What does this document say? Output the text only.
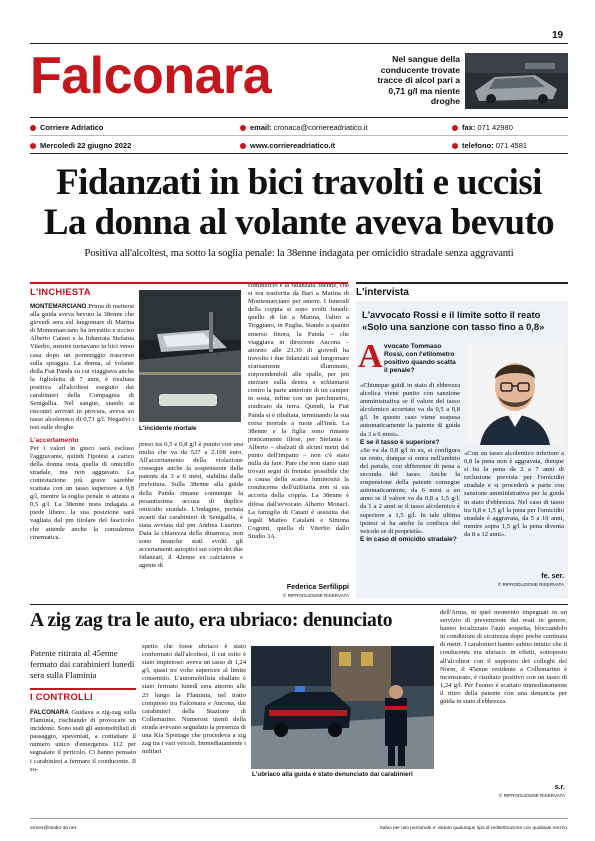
19
Falconara	Nel sangue della conducente trovate tracce di alcol pari a 0,71 g/l ma niente droghe
Corriere Adriatico	email: cronaca@corriereadriatico.it	fax: 071 42980
Mercoledì 22 giugno 2022	www.corriereadriatico.it	telefono: 071 4581
Fidanzati in bici travolti e uccisi
La donna al volante aveva bevuto
Positiva all'alcoltest, ma sotto la soglia penale: la 38enne indagata per omicidio stradale senza aggravanti
L'INCHIESTA
MONTEMARCIANO Prima di mettersi alla guida aveva bevuto la 38enne che giovedì sera sul lungomare di Marina di Montemarciano ha investito e ucciso Alberto Catani e la fidanzata Stefania Viterbo, mentre tornavano in bici verso casa dopo un pomeriggio trascorso sulla spiaggia. La donna, al volante della Fiat Panda su cui viaggiava anche la figlioletta di 7 anni, è risultata positiva all'alcoltest eseguito dai carabinieri della Compagnia di Senigallia. Nel sangue, stando ai riscontri arrivati in procura, aveva un tasso alcolemico di 0,71 g/l. Negativi i test sulle droghe.
L'accertamento
Per i valori in gioco sarà escluso l'aggravante, quindi l'ipotesi a carico della donna resta quella di omicidio stradale, ma non aggravato. La contestazione più grave sarebbe scattata con un tasso superiore a 0,8 g/l, mentre la soglia penale si attesta a 0,5 g/l. La 38enne resta indagata a piede libero: la sua posizione sarà vagliata dal pm titolare del fascicolo che attende anche la consulenza cinematica.
L'incidente mortale
preso tra 0,5 e 0,8 g/l è punito con una multa che va da 527 a 2.108 euro. All'accertamento della violazione consegue anche la sospensione della patente da 3 a 6 mesi, stabilita dalla prefettura. Sulla 38enne alla guida della Panda rimane comunque la pesantissima accusa di duplice omicidio stradale. L'indagine, portata avanti dai carabinieri di Senigallia, è stata avviata dal pm Andrea Laurino. Data la chiarezza della dinamica, non sono neanche stati svolti gli accertamenti autoptici sui corpi dei due fidanzati, il 42enne ex calciatore e agente di
commercio e la fidanzata 38enne, che si era trasferita da Bari a Marina di Montemarciano per amore. I funerali della coppia si sono svolti lunedì: quello di lui a Marina, l'altro a Triggiano, in Puglia. Stando a quanto emerso finora, la Panda – che viaggiava in direzione Ancona – attorno alle 23.30 di giovedì ha travolto i due fidanzati sul lungomare scarsamente illuminato, sorprendendoli alle spalle, per poi sterzare sulla destra e schiantarsi contro la parte anteriore di un camper in sosta, infine con un parchimetro, sradicato da terra. Quindi, la Fiat Panda si è ribaltata, terminando la sua corsa mortale a ruote all'insù. La 38enne e la figlia sono rimaste praticamente illese, per Stefania e Alberto – sbalzati di alcuni metri dal punto dell'impatto – non c'è stato nulla da fare. Pare che non siano stati trovati segni di frenata: possibile che a causa della scarsa luminosità la conducente dell'utilitaria non si sia accorta della coppia. La 38enne è difesa dall'avvocato Alberto Monaci. La famiglia di Catani è assistita dai legali Matteo Catalani e Simona Cognini, quella di Viterbo dallo Studio 3A.
Federica Serfilippi
© RIPRODUZIONE RISERVATA
L'intervista
L'avvocato Rossi e il limite sotto il reato
«Solo una sanzione con tasso fino a 0,8»
A vvocato Tommaso Rossi, con l'etilometro positivo quando scatta il penale?
«Chiunque guidi in stato di ebbrezza alcolica viene punito con sanzione amministrativa se il valore del tasso alcolemico accertato va da 0,5 a 0,8 g/l. In questo caso viene sospesa automaticamente la patente di guida da 3 a 6 mesi».
E se il tasso è superiore?
«Se va da 0,8 g/l in su, si configura un reato, dunque si entra nell'ambito del penale, con differenze di pena a seconda del tasso. Anche la sospensione della patente consegue automaticamente, da 6 mesi a un anno se il valore va da 0,8 a 1,5 g/l; da 1 a 2 anni se il tasso alcolemico è superiore a 1,5 g/l. In tale ultima ipotesi si ha anche la confisca del veicolo se di proprietà».
E in caso di omicidio stradale?
«Con un tasso alcolemico inferiore a 0,8 la pena non è aggravata, dunque si ha la pena da 2 a 7 anni di reclusione prevista per l'omicidio stradale e si procederà a parte con sanzione amministrativa per la guida in stato d'ebbrezza. Nel caso di tasso tra 0,8 e 1,5 g/l la pena per l'omicidio stradale è aggravata, da 5 a 10 anni, mentre sopra 1,5 g/l la pena diventa da 8 a 12 anni».
fe. ser.
© RIPRODUZIONE RISERVATA
A zig zag tra le auto, era ubriaco: denunciato
Patente ritirata al 45enne fermato dai carabinieri lunedì sera sulla Flaminia
I CONTROLLI
FALCONARA Guidava a zig-zag sulla Flaminia, rischiando di provocare un incidente. Sono stati gli automobilisti di passaggio, spaventati, a contattare il numero unico d'emergenza 112 per segnalare il pericolo. Ci hanno pensato i carabinieri a fermare il conducente. Il so-
spetto che fosse ubriaco è stato confermato dall'alcoltest, il cui esito è stato impietoso: aveva un tasso di 1,24 g/l, quasi tre volte superiore al limite consentito. L'automobilista sballato è stato fermato lunedì sera attorno alle 23 lungo la Flaminia, nel tratto compreso tra Falconara e Ancona, dai carabinieri della Stazione di Collemarino. Numerosi utenti della strada avevano segnalato la presenza di una Kia Sportage che procedeva a zig zag tra i vari veicoli. Immediatamente i militari
L'ubriaco alla guida è stato denunciato dai carabinieri
dell'Arma, in quel momento impegnati in un servizio di prevenzione dei reati in genere, hanno localizzato l'auto sospetta, bloccandolo in condizioni di sicurezza dopo poche centinaia di metri. I carabinieri hanno subito intuito che il conducente era ubriaco: in effetti, sottoposto all'alcoltest con il supporto dei colleghi del Norm, il 45enne residente a Collemarino è incensurato, è risultato positivo con un tasso di 1,24 g/l. Per l'uomo è scattato immediatamente il ritiro della patente con una denuncia per guida in stato d'ebbrezza.
s.r.
© RIPRODUZIONE RISERVATA
ermes@studio-3a.net	Salvo per uso personale e' vietato qualunque tipo di redistribuzione con qualsiasi mezzo.
